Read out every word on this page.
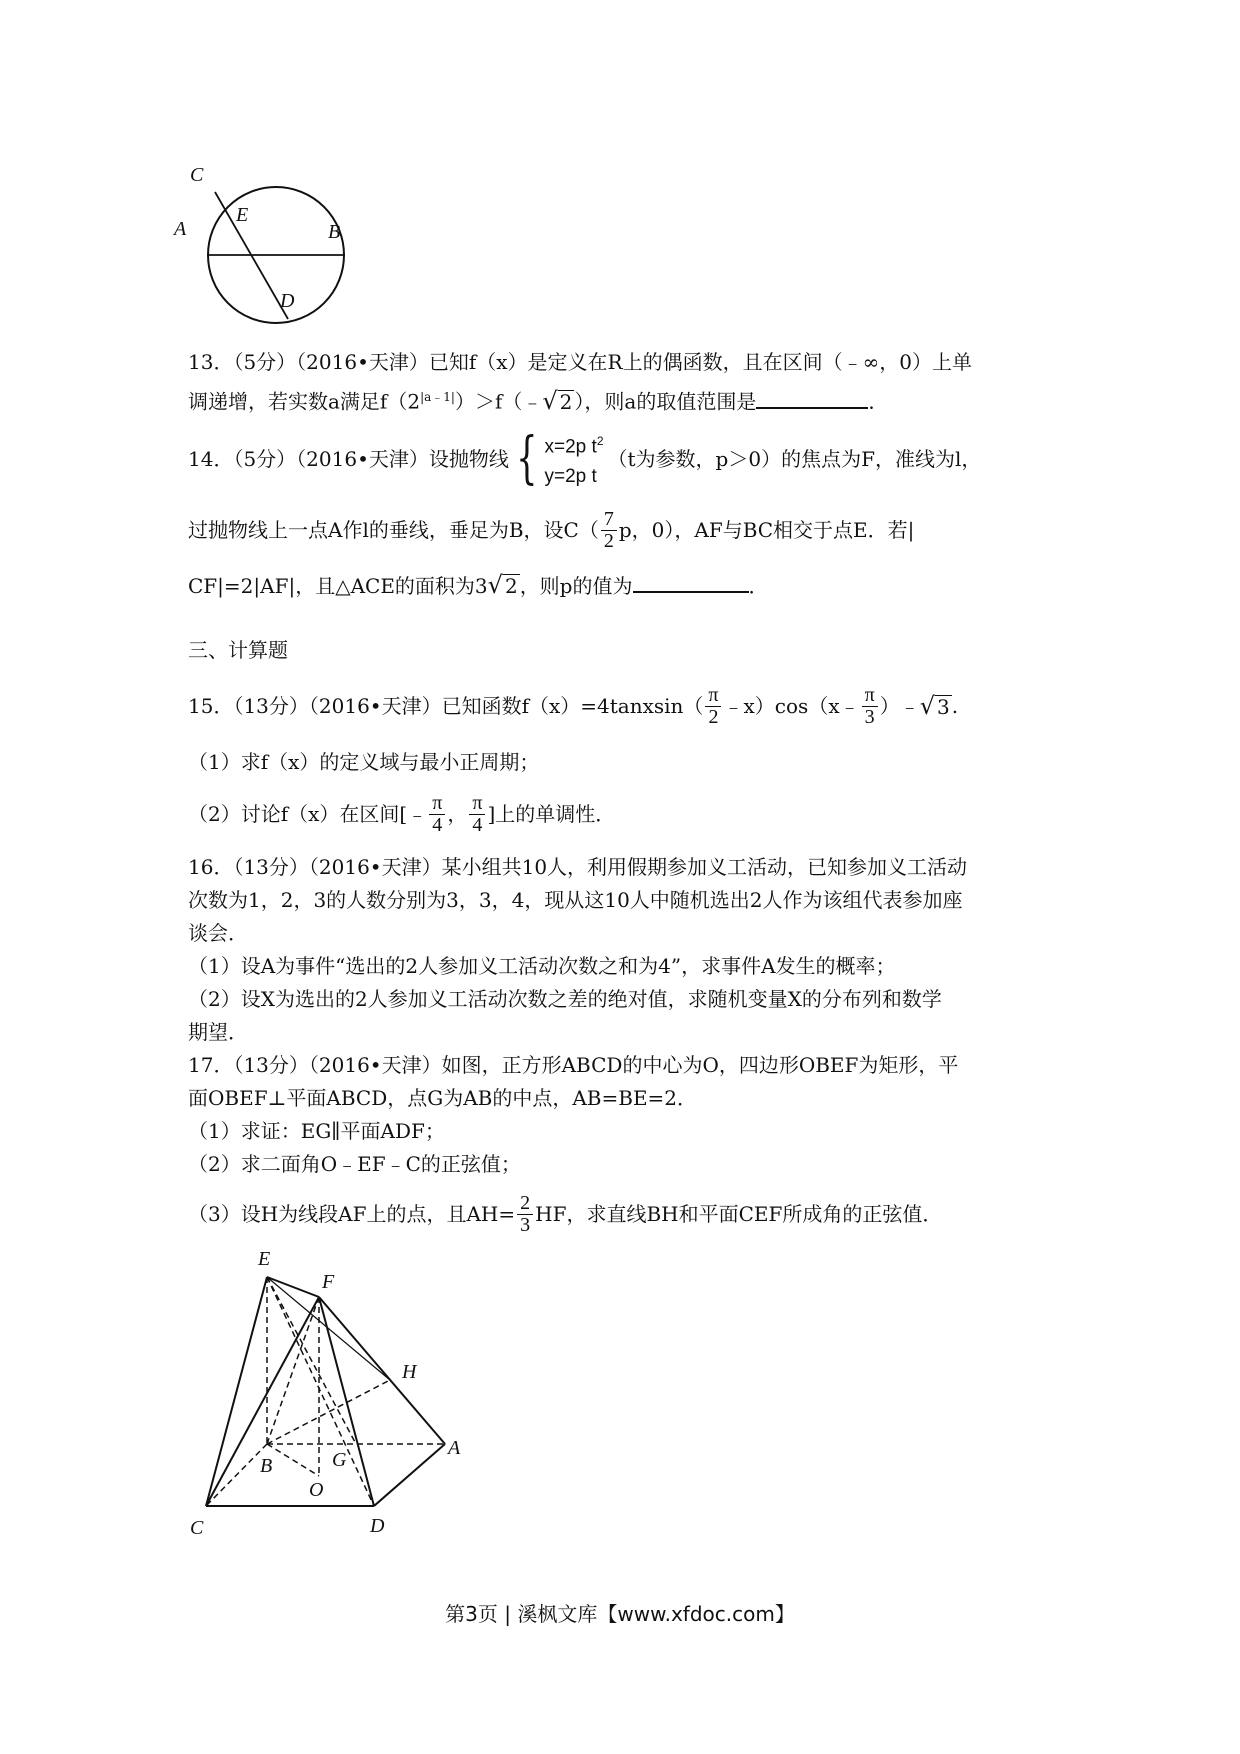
C
A
E
B
D
13．（5分）（2016•天津）已知f（x）是定义在R上的偶函数，且在区间（﹣∞，0）上单
调递增，若实数a满足$f(2^{|a﹣1|})>f(﹣$ √ 2 ），则a的取值范围是	．
14．（5分）（2016•天津）设抛物线 { x=2p $t^2$
y=2p t
（t为参数，p＞0）的焦点为F，准线为l，
过抛物线上一点A作l的垂线，垂足为B，设$C( \frac{7}{2}$ p，0），AF与BC相交于点E．若|
CF|=2|AF|，且△ACE的面积为3 √ 2 ，则p的值为	．
三、计算题
15．（13分）（2016•天津）已知函数f（x）=4tanxsin（ $\frac{\pi}{2}$ ﹣x）cos（x﹣ $\frac{\pi}{3}$ ）﹣ √ 3 .
（1）求f（x）的定义域与最小正周期；
（2）讨论f（x）在区间[﹣ $\frac{\pi}{4}$ ， $\frac{\pi}{4}$ ]上的单调性．
16．（13分）（2016•天津）某小组共10人，利用假期参加义工活动，已知参加义工活动
次数为1，2，3的人数分别为3，3，4，现从这10人中随机选出2人作为该组代表参加座
谈会．
（1）设A为事件“选出的2人参加义工活动次数之和为4”，求事件A发生的概率；
（2）设X为选出的2人参加义工活动次数之差的绝对值，求随机变量X的分布列和数学
期望．
17．（13分）（2016•天津）如图，正方形ABCD的中心为O，四边形OBEF为矩形，平
面OBEF⊥平面ABCD，点G为AB的中点，AB=BE=2．
（1）求证：EG∥平面ADF；
（2）求二面角O﹣EF﹣C的正弦值；
（3）设H为线段AF上的点，且$AH= \frac{2}{3}$ HF，求直线BH和平面CEF所成角的正弦值．
E
F
H
A
B	G
O
C	D
第3页 | 溪枫文库【www.xfdoc.com】
